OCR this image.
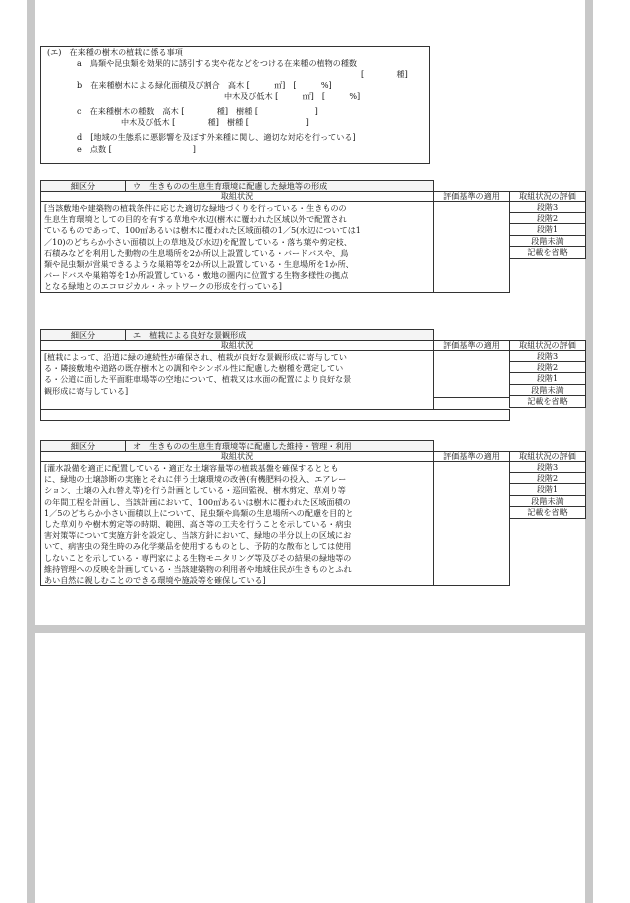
(エ)　在来種の樹木の植栽に係る事項
a　鳥類や昆虫類を効果的に誘引する実や花などをつける在来種の植物の種数
[　　　　種]
b　在来種樹木による緑化面積及び割合　高木 [　　　㎡]　[　　　%]
中木及び低木 [　　　㎡]　[　　　%]
c　在来種樹木の種数　高木 [　　　　種]　樹種 [　　　　　　　]
中木及び低木 [　　　　種]　樹種 [　　　　　　　]
d　[地域の生態系に悪影響を及ぼす外来種に関し、適切な対応を行っている]
e　点数 [　　　　　　　　　　]
細区分	ウ　生きものの生息生育環境に配慮した緑地等の形成
取組状況	評価基準の適用	取組状況の評価
[当該敷地や建築物の植栽条件に応じた適切な緑地づくりを行っている・生きものの
生息生育環境としての目的を有する草地や水辺(樹木に覆われた区域以外で配置され
ているものであって、100㎡あるいは樹木に覆われた区域面積の1／5(水辺については1
／10)のどちらか小さい面積以上の草地及び水辺)を配置している・落ち葉や剪定枝、
石積みなどを利用した動物の生息場所を2か所以上設置している・バードバスや、鳥
類や昆虫類が営巣できるような巣箱等を2か所以上設置している・生息場所を1か所、
バードバスや巣箱等を1か所設置している・敷地の圏内に位置する生物多様性の拠点
となる緑地とのエコロジカル・ネットワークの形成を行っている]
段階3
段階2
段階1
段階未満
記載を省略
細区分	エ　植栽による良好な景観形成
取組状況	評価基準の適用	取組状況の評価
[植栽によって、沿道に緑の連続性が確保され、植栽が良好な景観形成に寄与してい
る・隣接敷地や道路の既存樹木との調和やシンボル性に配慮した樹種を選定してい
る・公道に面した平面駐車場等の空地について、植栽又は水面の配置により良好な景
観形成に寄与している]
段階3
段階2
段階1
段階未満
記載を省略
細区分	オ　生きものの生息生育環境等に配慮した維持・管理・利用
取組状況	評価基準の適用	取組状況の評価
[灌水設備を適正に配置している・適正な土壌容量等の植栽基盤を確保するととも
に、緑地の土壌診断の実施とそれに伴う土壌環境の改善(有機肥料の投入、エアレー
ション、土壌の入れ替え等)を行う計画としている・巡回監視、樹木剪定、草刈り等
の年間工程を計画し、当該計画において、100㎡あるいは樹木に覆われた区域面積の
1／5のどちらか小さい面積以上について、昆虫類や鳥類の生息場所への配慮を目的と
した草刈りや樹木剪定等の時期、範囲、高さ等の工夫を行うことを示している・病虫
害対策等について実施方針を設定し、当該方針において、緑地の半分以上の区域にお
いて、病害虫の発生時のみ化学薬品を使用するものとし、予防的な散布としては使用
しないことを示している・専門家による生物モニタリング等及びその結果の緑地等の
維持管理への反映を計画している・当該建築物の利用者や地域住民が生きものとふれ
あい自然に親しむことのできる環境や施設等を確保している]
段階3
段階2
段階1
段階未満
記載を省略
